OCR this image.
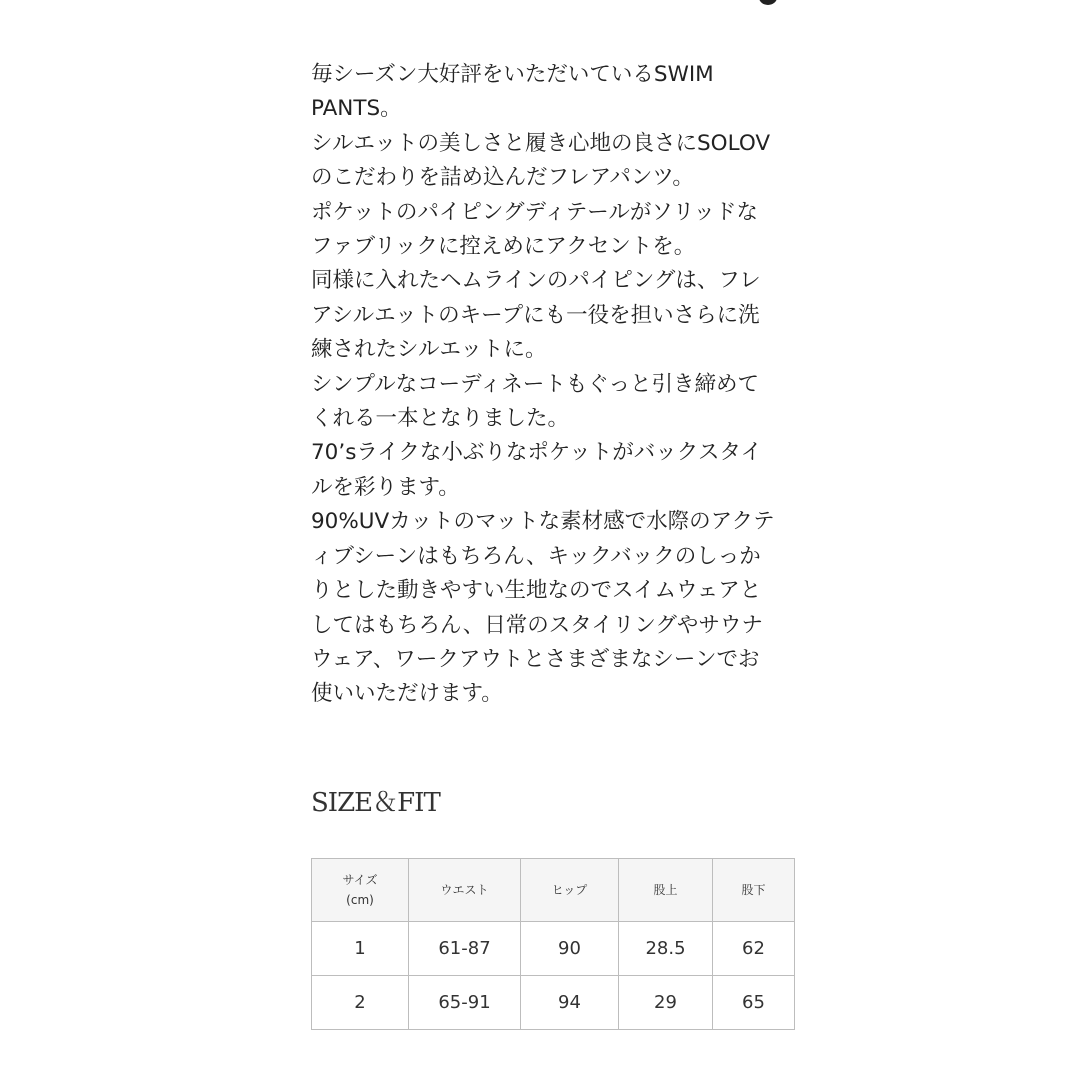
毎シーズン大好評をいただいているSWIM
PANTS。
シルエットの美しさと履き心地の良さにSOLOV
のこだわりを詰め込んだフレアパンツ。
ポケットのパイピングディテールがソリッドな
ファブリックに控えめにアクセントを。
同様に入れたヘムラインのパイピングは、フレ
アシルエットのキープにも一役を担いさらに洗
練されたシルエットに。
シンプルなコーディネートもぐっと引き締めて
くれる一本となりました。
70’sライクな小ぶりなポケットがバックスタイ
ルを彩ります。
90%UVカットのマットな素材感で水際のアクテ
ィブシーンはもちろん、キックバックのしっか
りとした動きやすい生地なのでスイムウェアと
してはもちろん、日常のスタイリングやサウナ
ウェア、ワークアウトとさまざまなシーンでお
使いいただけます。
SIZE＆FIT
サイズ
(cm)	ウエスト	ヒップ	股上	股下
1	61-87	90	28.5	62
2	65-91	94	29	65
